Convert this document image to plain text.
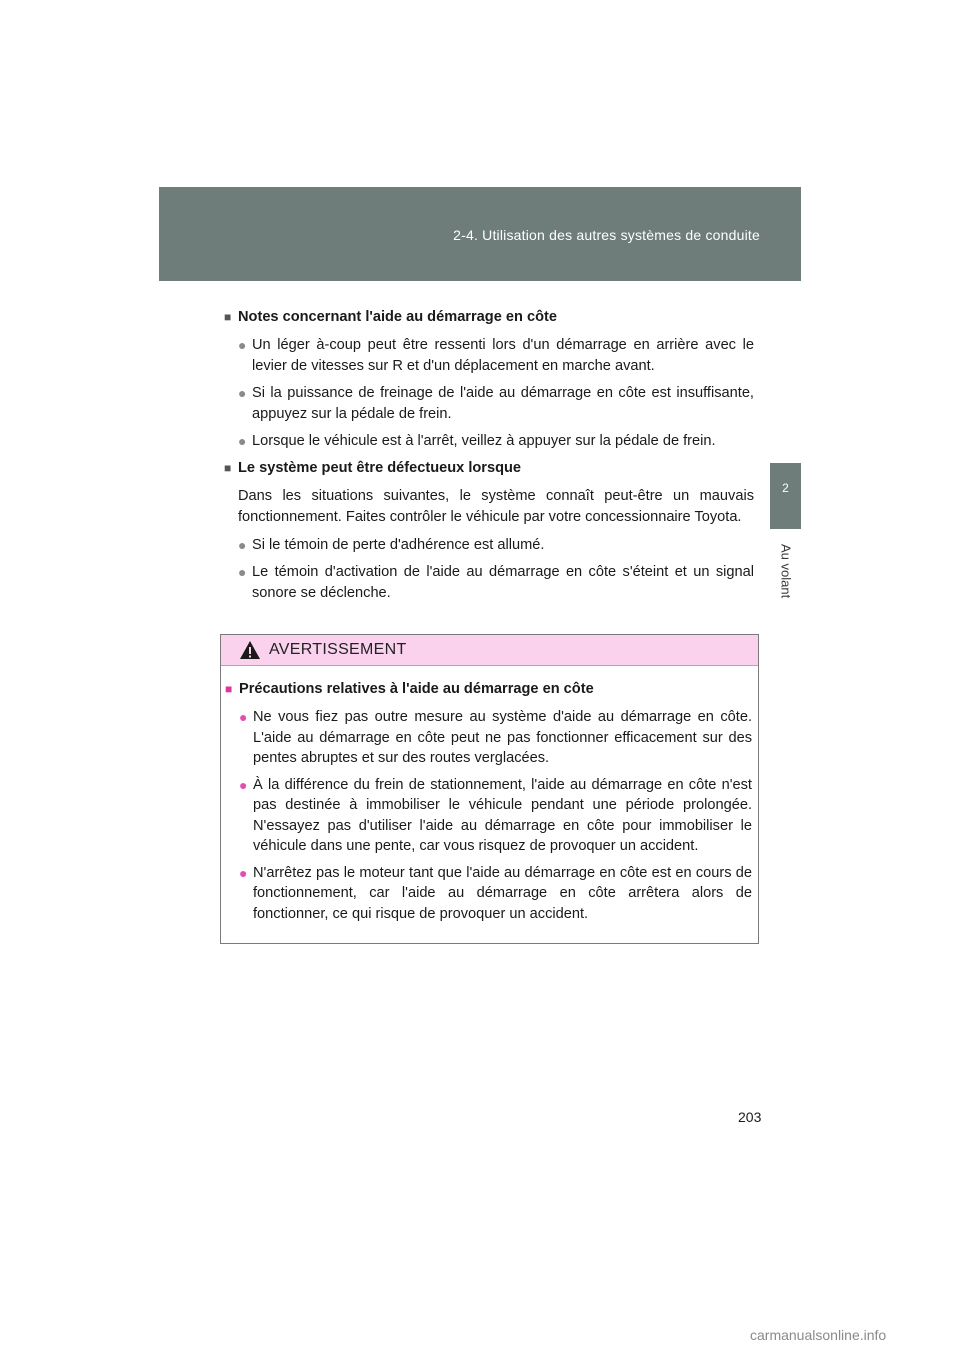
2-4. Utilisation des autres systèmes de conduite
2
Au volant
■ Notes concernant l'aide au démarrage en côte
● Un léger à-coup peut être ressenti lors d'un démarrage en arrière avec le levier de vitesses sur R et d'un déplacement en marche avant.
● Si la puissance de freinage de l'aide au démarrage en côte est insuffisante, appuyez sur la pédale de frein.
● Lorsque le véhicule est à l'arrêt, veillez à appuyer sur la pédale de frein.
■ Le système peut être défectueux lorsque
Dans les situations suivantes, le système connaît peut-être un mauvais fonctionnement. Faites contrôler le véhicule par votre concessionnaire Toyota.
● Si le témoin de perte d'adhérence est allumé.
● Le témoin d'activation de l'aide au démarrage en côte s'éteint et un signal sonore se déclenche.
AVERTISSEMENT
■ Précautions relatives à l'aide au démarrage en côte
● Ne vous fiez pas outre mesure au système d'aide au démarrage en côte. L'aide au démarrage en côte peut ne pas fonctionner efficacement sur des pentes abruptes et sur des routes verglacées.
● À la différence du frein de stationnement, l'aide au démarrage en côte n'est pas destinée à immobiliser le véhicule pendant une période prolongée. N'essayez pas d'utiliser l'aide au démarrage en côte pour immobiliser le véhicule dans une pente, car vous risquez de provoquer un accident.
● N'arrêtez pas le moteur tant que l'aide au démarrage en côte est en cours de fonctionnement, car l'aide au démarrage en côte arrêtera alors de fonctionner, ce qui risque de provoquer un accident.
203
carmanualsonline.info
